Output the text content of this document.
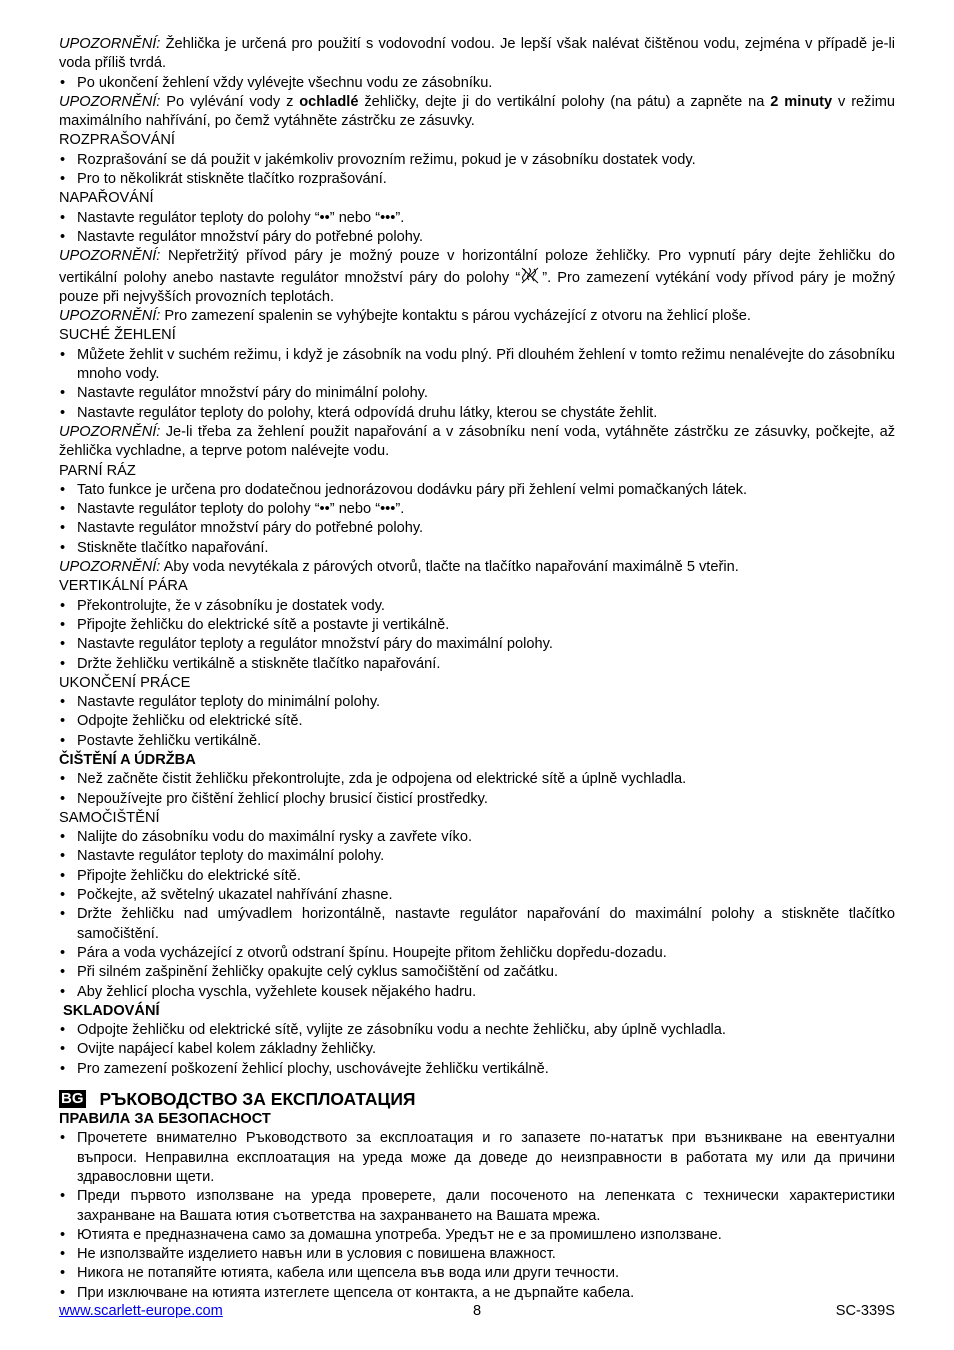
UPOZORNĚNÍ: Žehlička je určená pro použití s vodovodní vodou. Je lepší však nalévat čištěnou vodu, zejména v případě je-li voda příliš tvrdá.

• Po ukončení žehlení vždy vylévejte všechnu vodu ze zásobníku.

UPOZORNĚNÍ: Po vylévání vody z ochladlé žehličky, dejte ji do vertikální polohy (na pátu) a zapněte na 2 minuty v režimu maximálního nahřívání, po čemž vytáhněte zástrčku ze zásuvky.

ROZPRAŠOVÁNÍ
• Rozprašování se dá použit v jakémkoliv provozním režimu, pokud je v zásobníku dostatek vody.
• Pro to několikrát stiskněte tlačítko rozprašování.
NAPAŘOVÁNÍ
• Nastavte regulátor teploty do polohy “••” nebo “•••”.
• Nastavte regulátor množství páry do potřebné polohy.

UPOZORNĚNÍ: Nepřetržitý přívod páry je možný pouze v horizontální poloze žehličky. Pro vypnutí páry dejte žehličku do vertikální polohy anebo nastavte regulátor množství páry do polohy “ ”. Pro zamezení vytékání vody přívod páry je možný pouze při nejvyšších provozních teplotách.

UPOZORNĚNÍ: Pro zamezení spalenin se vyhýbejte kontaktu s párou vycházející z otvoru na žehlicí ploše.

SUCHÉ ŽEHLENÍ
• Můžete žehlit v suchém režimu, i když je zásobník na vodu plný. Při dlouhém žehlení v tomto režimu nenalévejte do zásobníku mnoho vody.
• Nastavte regulátor množství páry do minimální polohy.
• Nastavte regulátor teploty do polohy, která odpovídá druhu látky, kterou se chystáte žehlit.

UPOZORNĚNÍ: Je-li třeba za žehlení použit napařování a v zásobníku není voda, vytáhněte zástrčku ze zásuvky, počkejte, až žehlička vychladne, a teprve potom nalévejte vodu.

PARNÍ RÁZ
• Tato funkce je určena pro dodatečnou jednorázovou dodávku páry při žehlení velmi pomačkaných látek.
• Nastavte regulátor teploty do polohy “••” nebo “•••”.
• Nastavte regulátor množství páry do potřebné polohy.
• Stiskněte tlačítko napařování.

UPOZORNĚNÍ: Aby voda nevytékala z párových otvorů, tlačte na tlačítko napařování maximálně 5 vteřin.

VERTIKÁLNÍ PÁRA
• Překontrolujte, že v zásobníku je dostatek vody.
• Připojte žehličku do elektrické sítě a postavte ji vertikálně.
• Nastavte regulátor teploty a regulátor množství páry do maximální polohy.
• Držte žehličku vertikálně a stiskněte tlačítko napařování.
UKONČENÍ PRÁCE
• Nastavte regulátor teploty do minimální polohy.
• Odpojte žehličku od elektrické sítě.
• Postavte žehličku vertikálně.
ČIŠTĚNÍ A ÚDRŽBA
• Než začněte čistit žehličku překontrolujte, zda je odpojena od elektrické sítě a úplně vychladla.
• Nepoužívejte pro čištění žehlicí plochy brusicí čisticí prostředky.
SAMOČIŠTĚNÍ
• Nalijte do zásobníku vodu do maximální rysky a zavřete víko.
• Nastavte regulátor teploty do maximální polohy.
• Připojte žehličku do elektrické sítě.
• Počkejte, až světelný ukazatel nahřívání zhasne.
• Držte žehličku nad umývadlem horizontálně, nastavte regulátor napařování do maximální polohy a stiskněte tlačítko samočištění.
• Pára a voda vycházející z otvorů odstraní špínu. Houpejte přitom žehličku dopředu-dozadu.
• Při silném zašpinění žehličky opakujte celý cyklus samočištění od začátku.
• Aby žehlicí plocha vyschla, vyžehlete kousek nějakého hadru.
SKLADOVÁNÍ
• Odpojte žehličku od elektrické sítě, vylijte ze zásobníku vodu a nechte žehličku, aby úplně vychladla.
• Ovijte napájecí kabel kolem základny žehličky.
• Pro zamezení poškození žehlicí plochy, uschovávejte žehličku vertikálně.
BG РЪКОВОДСТВО ЗА ЕКСПЛОАТАЦИЯ
ПРАВИЛА ЗА БЕЗОПАСНОСТ
• Прочетете внимателно Ръководството за експлоатация и го запазете по-нататък при възникване на евентуални въпроси. Неправилна експлоатация на уреда може да доведе до неизправности в работата му или да причини здравословни щети.
• Преди първото използване на уреда проверете, дали посоченото на лепенката с технически характеристики захранване на Вашата ютия съответства на захранването на Вашата мрежа.
• Ютията е предназначена само за домашна употреба. Уредът не е за промишлено използване.
• Не използвайте изделието навън или в условия с повишена влажност.
• Никога не потапяйте ютията, кабела или щепсела във вода или други течности.
• При изключване на ютията изтеглете щепсела от контакта, а не дърпайте кабела.
8
www.scarlett-europe.com	SC-339S
